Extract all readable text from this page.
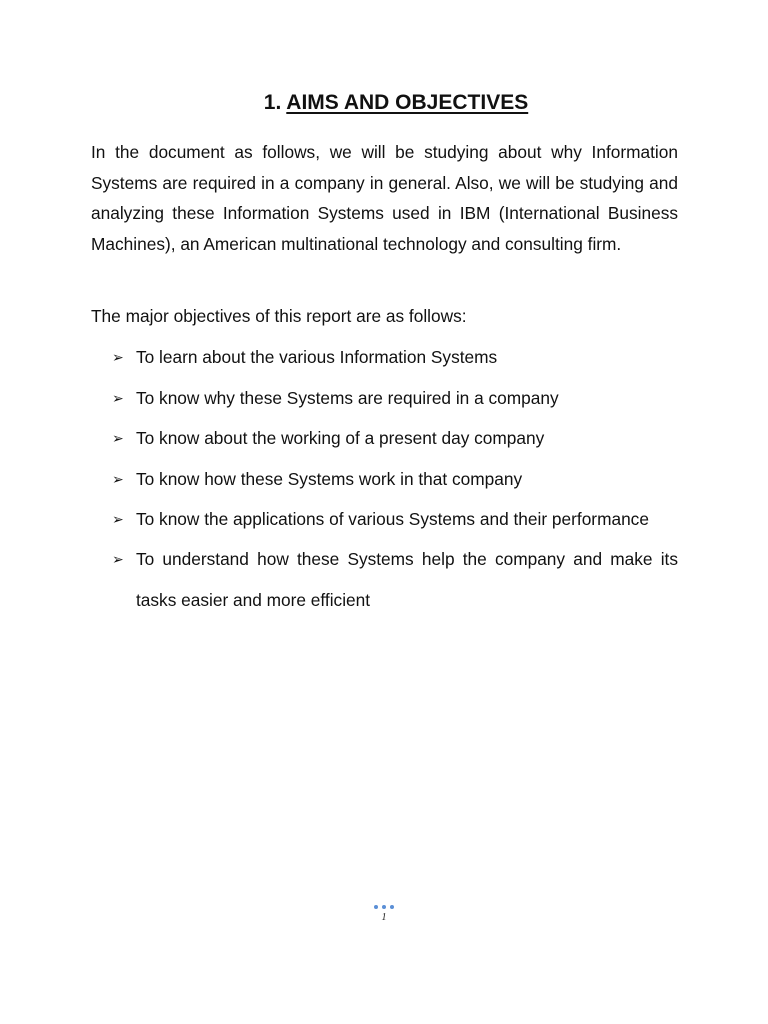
1. AIMS AND OBJECTIVES

In the document as follows, we will be studying about why Information Systems are required in a company in general. Also, we will be studying and analyzing these Information Systems used in IBM (International Business Machines), an American multinational technology and consulting firm.

The major objectives of this report are as follows:

➢ To learn about the various Information Systems
➢ To know why these Systems are required in a company
➢ To know about the working of a present day company
➢ To know how these Systems work in that company
➢ To know the applications of various Systems and their performance
➢ To understand how these Systems help the company and make its tasks easier and more efficient
1
